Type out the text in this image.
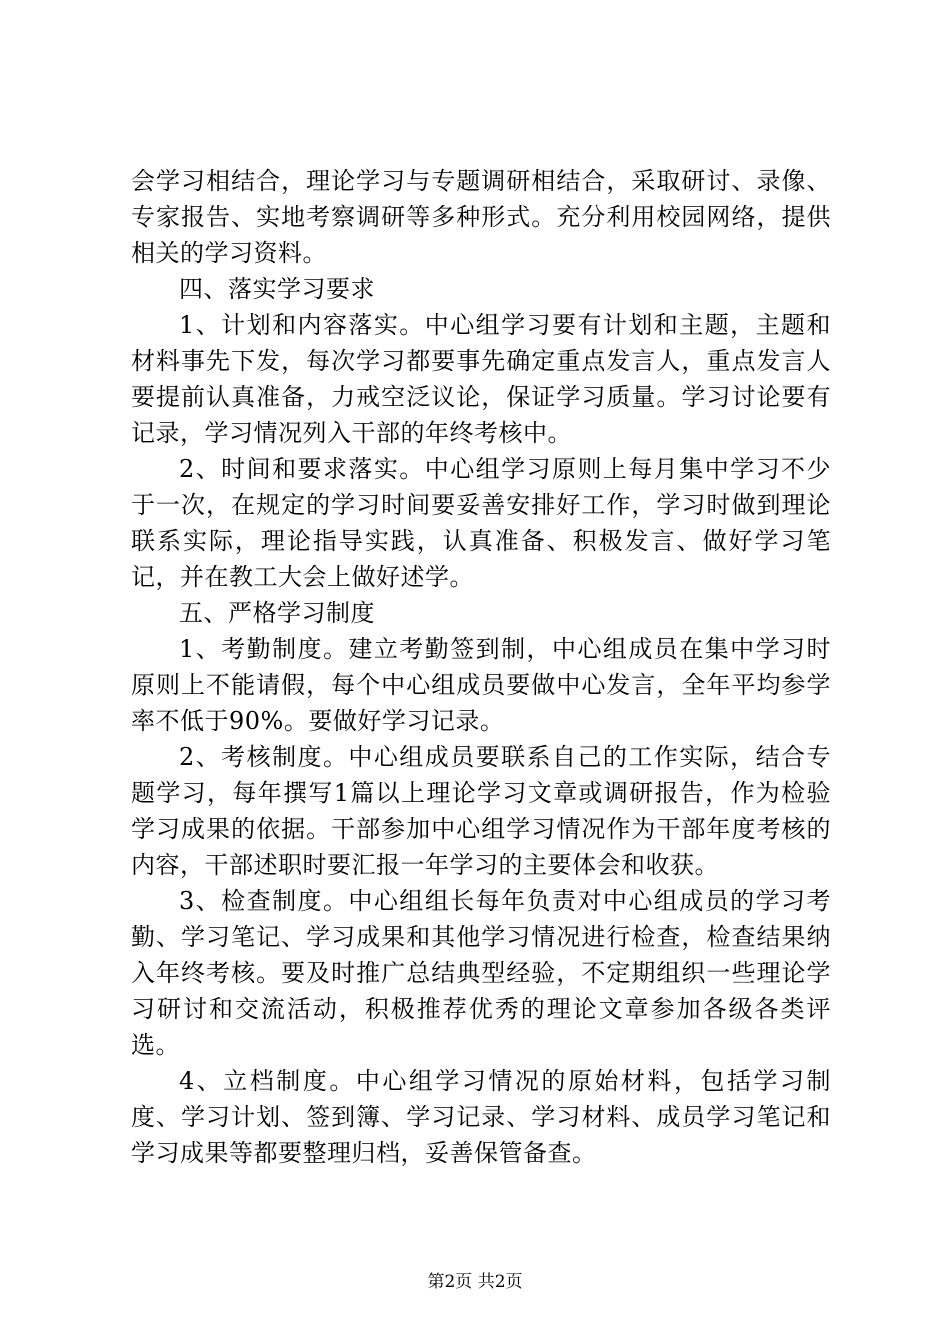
会学习相结合，理论学习与专题调研相结合，采取研讨、录像、专家报告、实地考察调研等多种形式。充分利用校园网络，提供相关的学习资料。

四、落实学习要求

1、计划和内容落实。中心组学习要有计划和主题，主题和材料事先下发，每次学习都要事先确定重点发言人，重点发言人要提前认真准备，力戒空泛议论，保证学习质量。学习讨论要有记录，学习情况列入干部的年终考核中。

2、时间和要求落实。中心组学习原则上每月集中学习不少于一次，在规定的学习时间要妥善安排好工作，学习时做到理论联系实际，理论指导实践，认真准备、积极发言、做好学习笔记，并在教工大会上做好述学。

五、严格学习制度

1、考勤制度。建立考勤签到制，中心组成员在集中学习时原则上不能请假，每个中心组成员要做中心发言，全年平均参学率不低于90%。要做好学习记录。

2、考核制度。中心组成员要联系自己的工作实际，结合专题学习，每年撰写1篇以上理论学习文章或调研报告，作为检验学习成果的依据。干部参加中心组学习情况作为干部年度考核的内容，干部述职时要汇报一年学习的主要体会和收获。

3、检查制度。中心组组长每年负责对中心组成员的学习考勤、学习笔记、学习成果和其他学习情况进行检查，检查结果纳入年终考核。要及时推广总结典型经验，不定期组织一些理论学习研讨和交流活动，积极推荐优秀的理论文章参加各级各类评选。

4、立档制度。中心组学习情况的原始材料，包括学习制度、学习计划、签到簿、学习记录、学习材料、成员学习笔记和学习成果等都要整理归档，妥善保管备查。

第2页 共2页
